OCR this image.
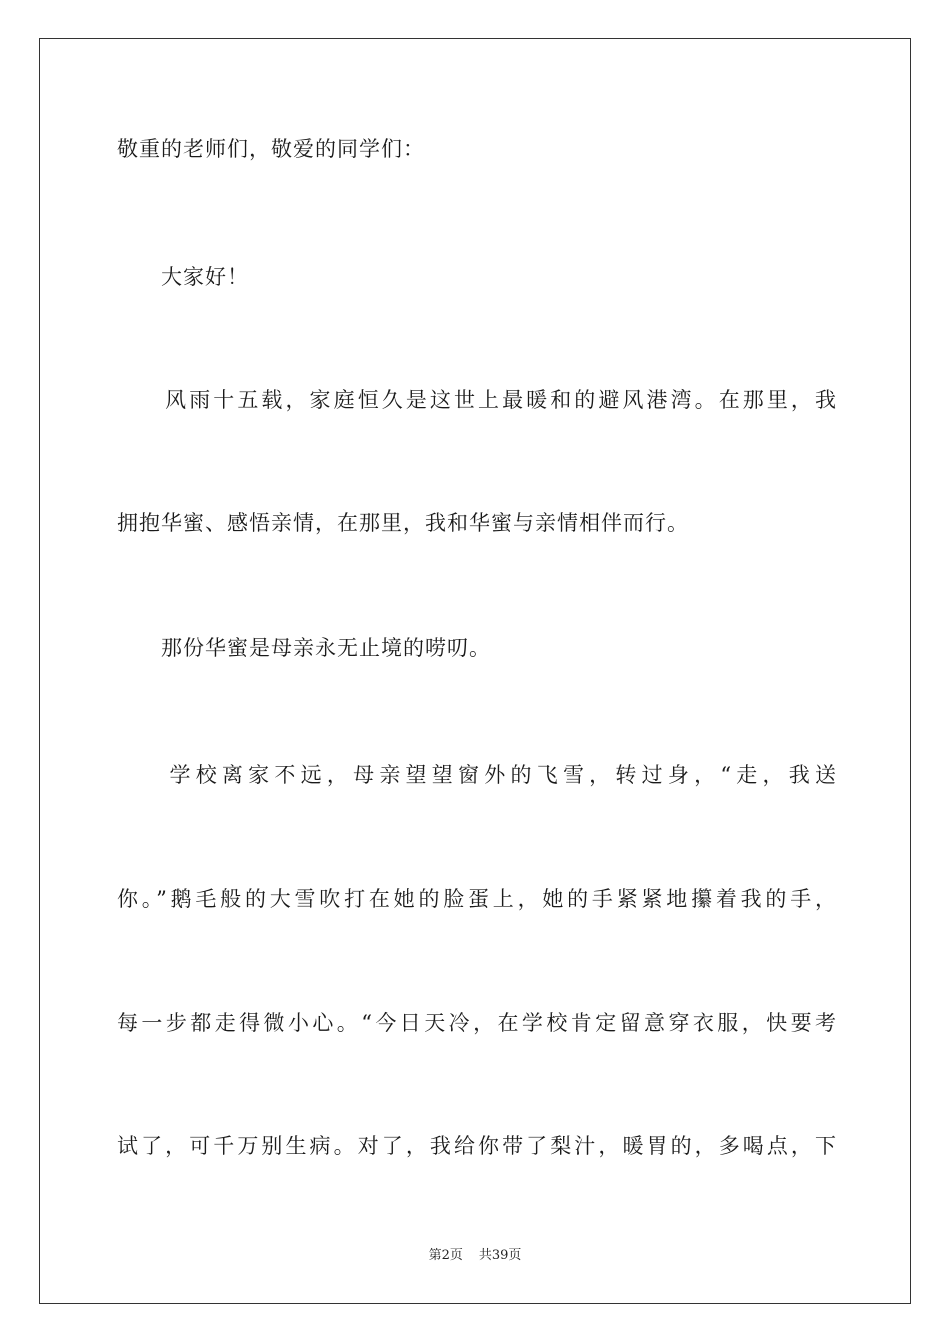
敬重的老师们，敬爱的同学们：
　　大家好！
　　风雨十五载，家庭恒久是这世上最暖和的避风港湾。在那里，我
拥抱华蜜、感悟亲情，在那里，我和华蜜与亲情相伴而行。
　　那份华蜜是母亲永无止境的唠叨。
　　学校离家不远，母亲望望窗外的飞雪，转过身，“走，我送
你。”鹅毛般的大雪吹打在她的脸蛋上，她的手紧紧地攥着我的手，
每一步都走得微小心。“今日天冷，在学校肯定留意穿衣服，快要考
试了，可千万别生病。对了，我给你带了梨汁，暖胃的，多喝点，下
第2页 共39页
